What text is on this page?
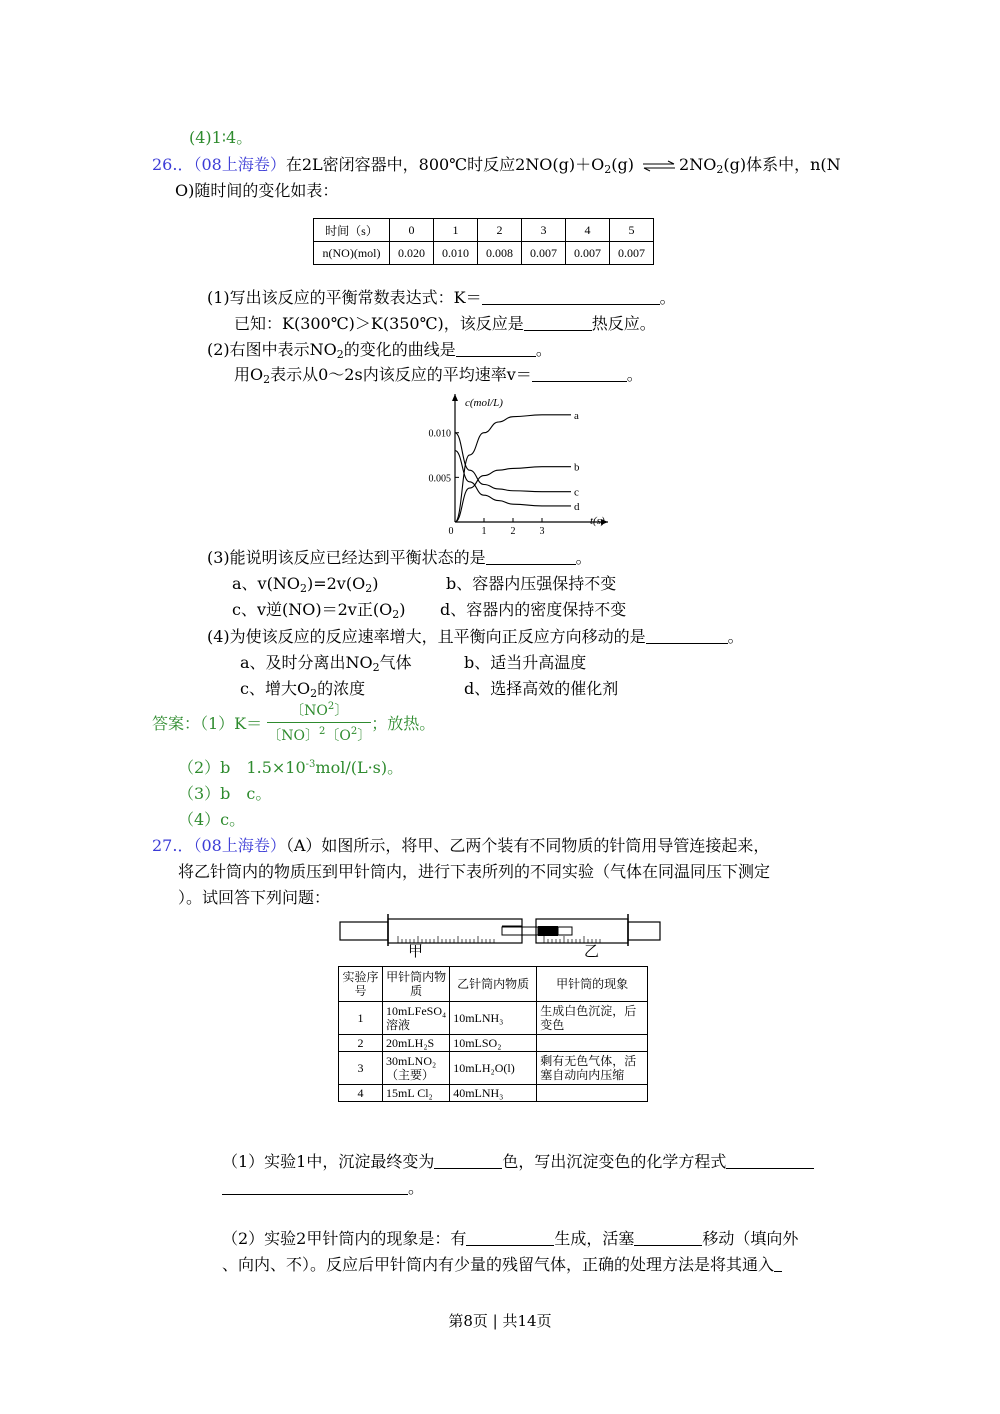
(4)1∶4。
26.．（08上海卷）在2L密闭容器中，800℃时反应$2NO(g)+O_2(g)$ ⇌ $2NO_2(g)$体系中，n(N
O)随时间的变化如表：
时间（s）	0	1	2	3	4	5
n(NO)(mol)	0.020	0.010	0.008	0.007	0.007	0.007
(1)写出该反应的平衡常数表达式：K＝	。
已知：K(300℃)＞K(350℃)，该反应是	热反应。
(2)右图中表示$NO_2$的变化的曲线是	。
用$O_2$表示从0～2s内该反应的平均速率v＝	。
c(mol/L)
t(s)
0.010
0.005
0	1 2 3
a
b
c
d
(3)能说明该反应已经达到平衡状态的是	。
a、$v(NO_2)=2v(O_2)$	b、容器内压强保持不变
c、v逆(NO)＝2v正$(O_2)$ d、容器内的密度保持不变
(4)为使该反应的反应速率增大，且平衡向正反应方向移动的是	。
a、及时分离出$NO_2$气体	b、适当升高温度
c、增大$O_2$的浓度	d、选择高效的催化剂
答案：$(1)K= \frac{〔NO^2〕}{〔NO〕^2〔O^2〕}$ ；放热。
（2）b　$1.5\times 10^{-3}mol/(L\cdot s)$。
（3）b　c。
（4）c。
27.．（08上海卷）（A）如图所示，将甲、乙两个装有不同物质的针筒用导管连接起来，
将乙针筒内的物质压到甲针筒内，进行下表所列的不同实验（气体在同温同压下测定
）。试回答下列问题：
甲	乙
实验序号	甲针筒内物质	乙针筒内物质	甲针筒的现象
1	10mLFeSO₄溶液	10mLNH₃	生成白色沉淀，后变色
2	20mLH₂S	10mLSO₂	
3	30mLNO₂（主要）	10mLH₂O(l)	剩有无色气体，活塞自动向内压缩
4	15mL Cl₂	40mLNH₃	
（1）实验1中，沉淀最终变为	色，写出沉淀变色的化学方程式
。
（2）实验2甲针筒内的现象是：有	生成，活塞	移动（填向外
、向内、不）。反应后甲针筒内有少量的残留气体，正确的处理方法是将其通入
第8页 | 共14页
